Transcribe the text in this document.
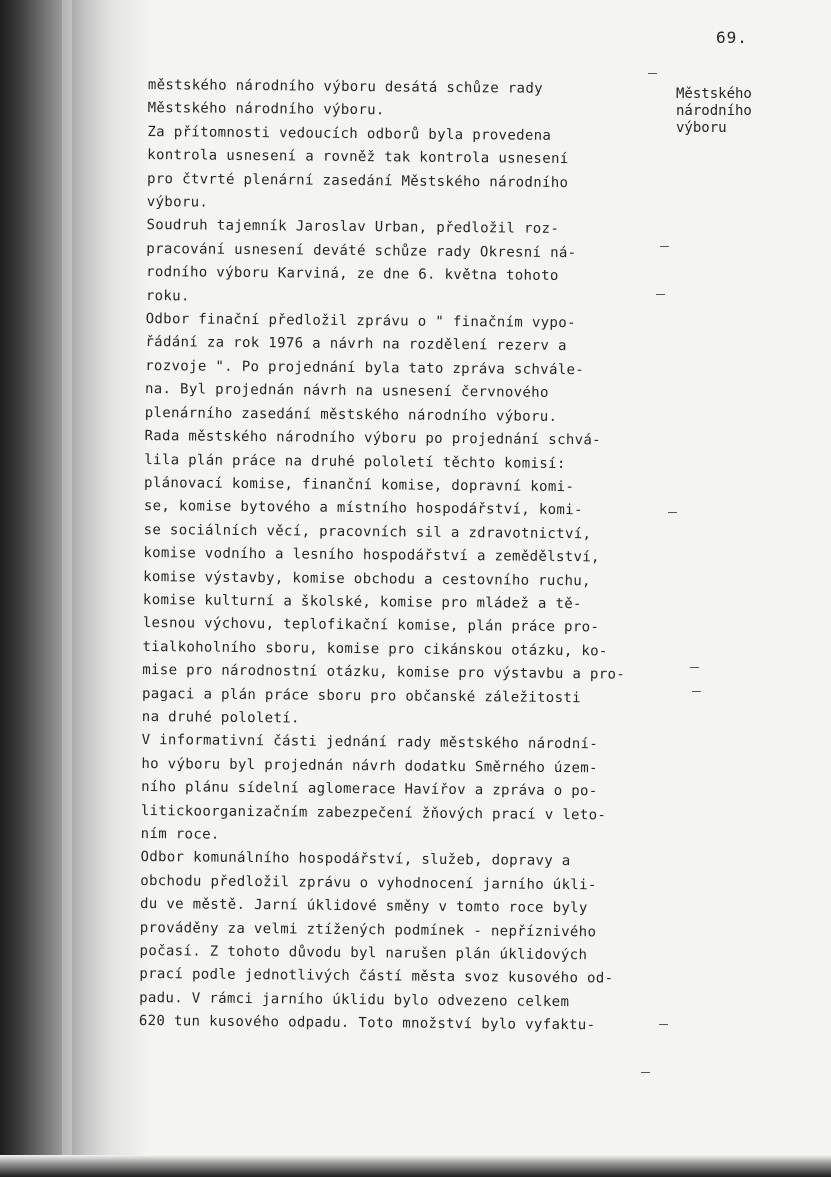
69.
Městského
národního
výboru
městského národního výboru desátá schůze rady
Městského národního výboru.
Za přítomnosti vedoucích odborů byla provedena
kontrola usnesení a rovněž tak kontrola usnesení
pro čtvrté plenární zasedání Městského národního
výboru.
Soudruh tajemník Jaroslav Urban, předložil roz-
pracování usnesení deváté schůze rady Okresní ná-
rodního výboru Karviná, ze dne 6. května tohoto
roku.
Odbor finační předložil zprávu o " finačním vypo-
řádání za rok 1976 a návrh na rozdělení rezerv a
rozvoje ". Po projednání byla tato zpráva schvále-
na. Byl projednán návrh na usnesení červnového
plenárního zasedání městského národního výboru.
Rada městského národního výboru po projednání schvá-
lila plán práce na druhé pololetí těchto komisí:
plánovací komise, finanční komise, dopravní komi-
se, komise bytového a místního hospodářství, komi-
se sociálních věcí, pracovních sil a zdravotnictví,
komise vodního a lesního hospodářství a zemědělství,
komise výstavby, komise obchodu a cestovního ruchu,
komise kulturní a školské, komise pro mládež a tě-
lesnou výchovu, teplofikační komise, plán práce pro-
tialkoholního sboru, komise pro cikánskou otázku, ko-
mise pro národnostní otázku, komise pro výstavbu a pro-
pagaci a plán práce sboru pro občanské záležitosti
na druhé pololetí.
V informativní části jednání rady městského národní-
ho výboru byl projednán návrh dodatku Směrného územ-
ního plánu sídelní aglomerace Havířov a zpráva o po-
litickoorganizačním zabezpečení žňových prací v leto-
ním roce.
Odbor komunálního hospodářství, služeb, dopravy a
obchodu předložil zprávu o vyhodnocení jarního úkli-
du ve městě. Jarní úklidové směny v tomto roce byly
prováděny za velmi ztížených podmínek - nepříznivého
počasí. Z tohoto důvodu byl narušen plán úklidových
prací podle jednotlivých částí města svoz kusového od-
padu. V rámci jarního úklidu bylo odvezeno celkem
620 tun kusového odpadu. Toto množství bylo vyfaktu-
